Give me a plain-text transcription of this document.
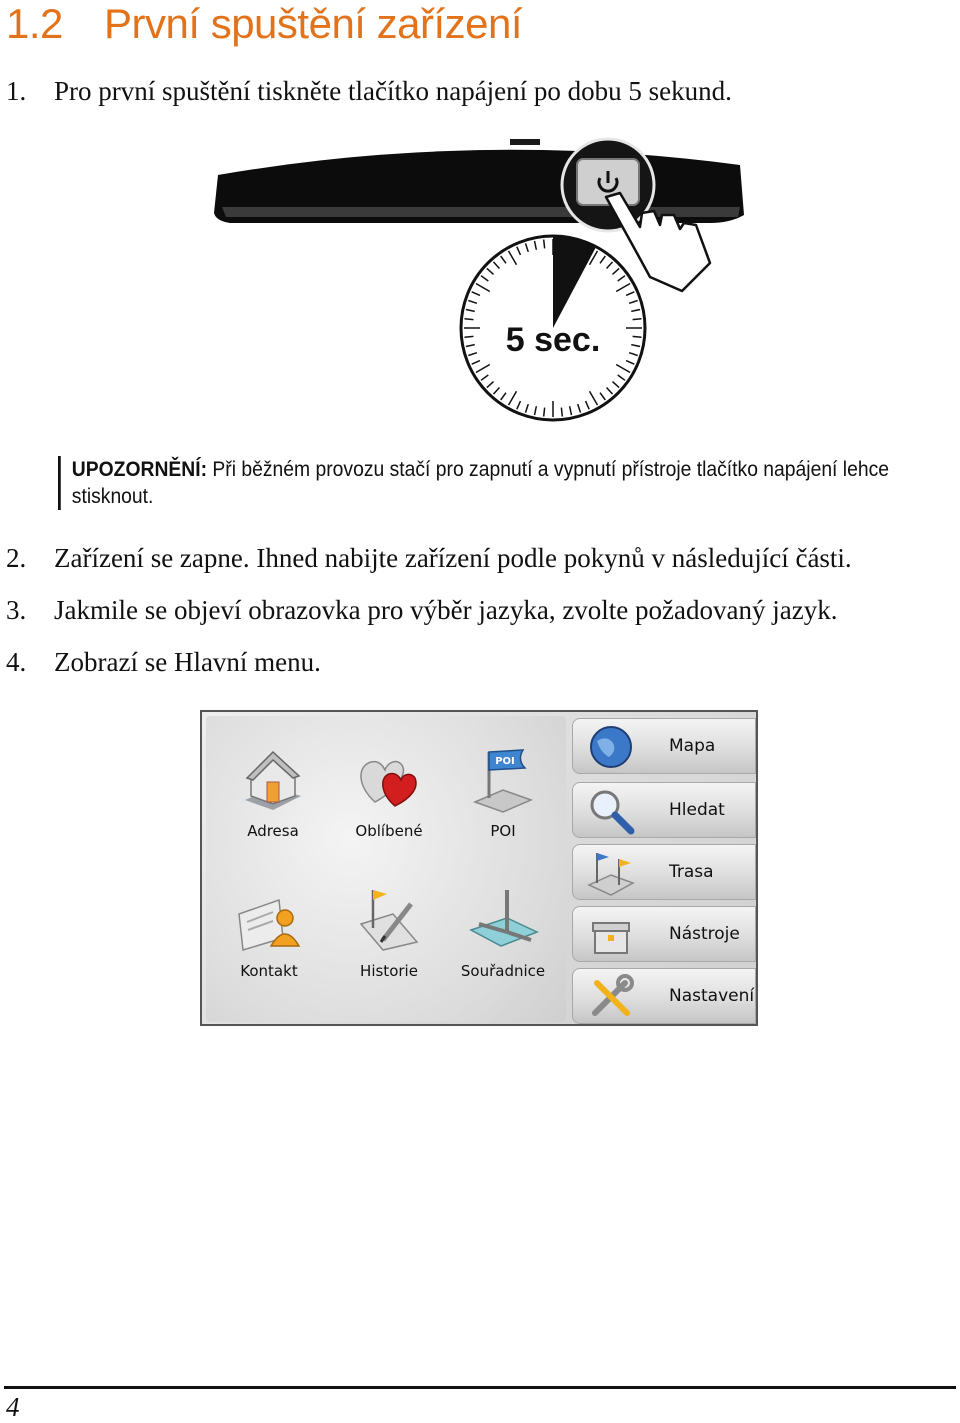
1.2 První spuštění zařízení
1. Pro první spuštění tiskněte tlačítko napájení po dobu 5 sekund.
5 sec.
UPOZORNĚNÍ: Při běžném provozu stačí pro zapnutí a vypnutí přístroje tlačítko napájení lehce stisknout.
2. Zařízení se zapne. Ihned nabijte zařízení podle pokynů v následující části.
3. Jakmile se objeví obrazovka pro výběr jazyka, zvolte požadovaný jazyk.
4. Zobrazí se Hlavní menu.
Adresa	Oblíbené
POI
POI
Kontakt	Historie	Souřadnice
Mapa
Hledat
Trasa
Nástroje
Nastavení
4
